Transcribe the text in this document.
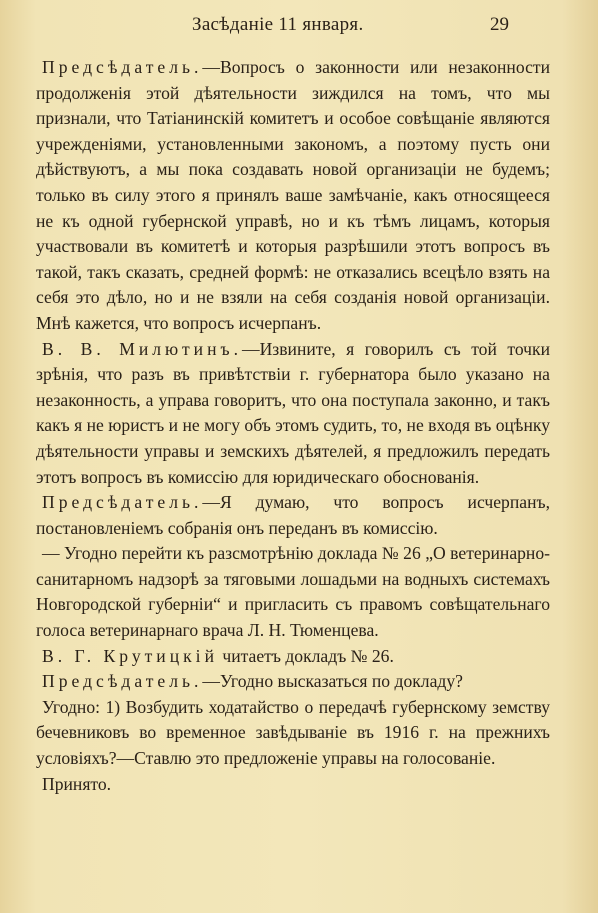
Засѣданіе 11 января.	29

Предсѣдатель.—Вопросъ о законности или незаконности продолженія этой дѣятельности зиждился на томъ, что мы признали, что Татіанинскій комитетъ и особое совѣщаніе являются учрежденіями, установленными закономъ, а поэтому пусть они дѣйствуютъ, а мы пока создавать новой организаціи не будемъ; только въ силу этого я принялъ ваше замѣчаніе, какъ относящееся не къ одной губернской управѣ, но и къ тѣмъ лицамъ, которыя участвовали въ комитетѣ и которыя разрѣшили этотъ вопросъ въ такой, такъ сказать, средней формѣ: не отказались всецѣло взять на себя это дѣло, но и не взяли на себя созданія новой организаціи. Мнѣ кажется, что вопросъ исчерпанъ.

В. В. Милютинъ.—Извините, я говорилъ съ той точки зрѣнія, что разъ въ привѣтствіи г. губернатора было указано на незаконность, а управа говоритъ, что она поступала законно, и такъ какъ я не юристъ и не могу объ этомъ судить, то, не входя въ оцѣнку дѣятельности управы и земскихъ дѣятелей, я предложилъ передать этотъ вопросъ въ комиссію для юридическаго обоснованія.

Предсѣдатель.—Я думаю, что вопросъ исчерпанъ, постановленіемъ собранія онъ переданъ въ комиссію.

— Угодно перейти къ разсмотрѣнію доклада № 26 „О ветеринарно-санитарномъ надзорѣ за тяговыми лошадьми на водныхъ системахъ Новгородской губерніи“ и пригласить съ правомъ совѣщательнаго голоса ветеринарнаго врача Л. Н. Тюменцева.

В. Г. Крутицкій читаетъ докладъ № 26.

Предсѣдатель.—Угодно высказаться по докладу?

Угодно: 1) Возбудить ходатайство о передачѣ губернскому земству бечевниковъ во временное завѣдываніе въ 1916 г. на прежнихъ условіяхъ?—Ставлю это предложеніе управы на голосованіе.

Принято.
